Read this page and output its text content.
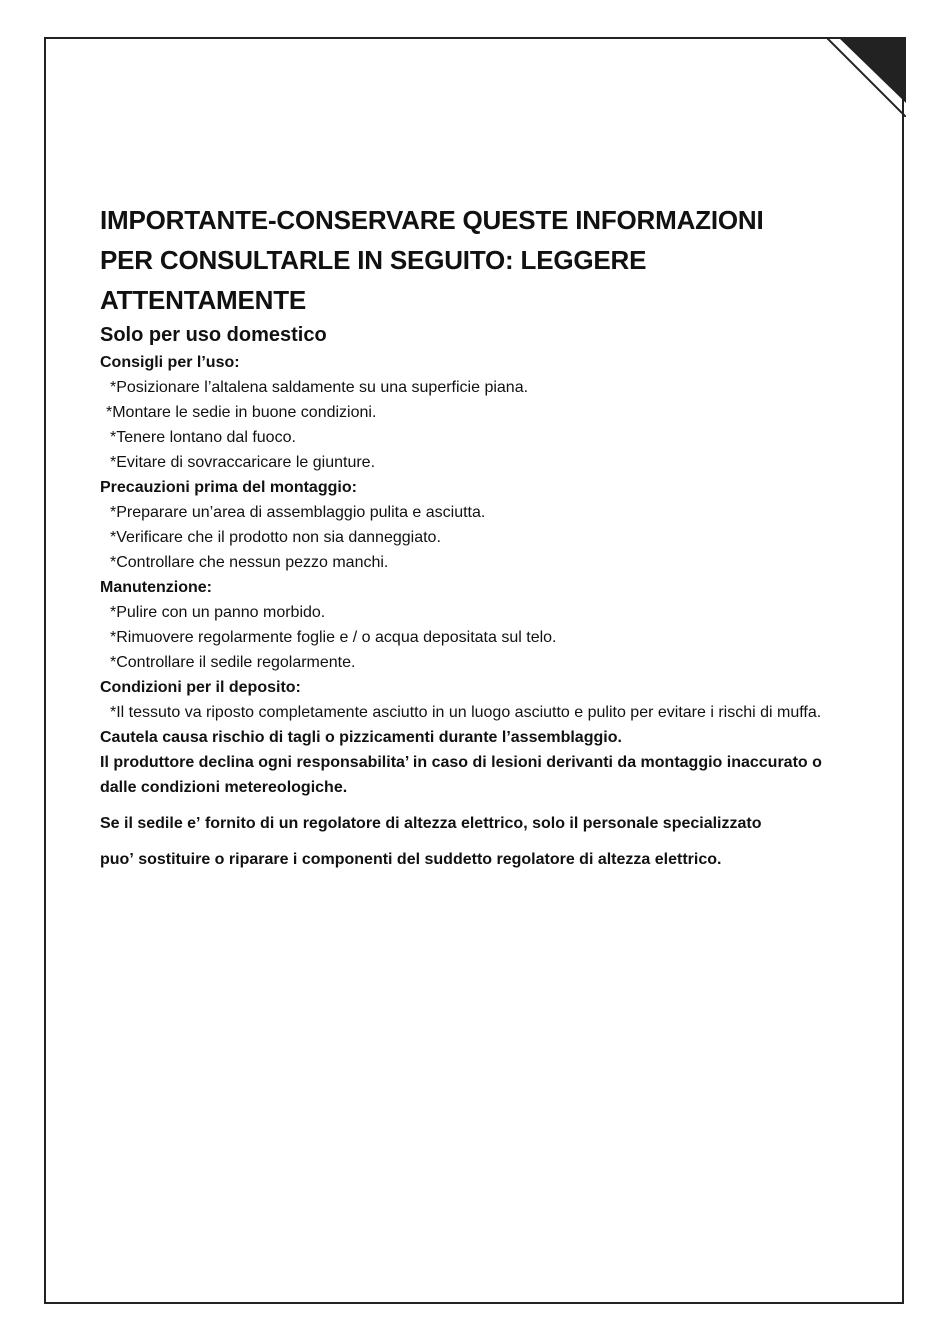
IMPORTANTE-CONSERVARE QUESTE INFORMAZIONI

PER CONSULTARLE IN SEGUITO: LEGGERE

ATTENTAMENTE

Solo per uso domestico

Consigli per l’uso:

*Posizionare l’altalena saldamente su una superficie piana.

*Montare le sedie in buone condizioni.

*Tenere lontano dal fuoco.

*Evitare di sovraccaricare le giunture.

Precauzioni prima del montaggio:

*Preparare un’area di assemblaggio pulita e asciutta.

*Verificare che il prodotto non sia danneggiato.

*Controllare che nessun pezzo manchi.

Manutenzione:

*Pulire con un panno morbido.

*Rimuovere regolarmente foglie e / o acqua depositata sul telo.

*Controllare il sedile regolarmente.

Condizioni per il deposito:

*Il tessuto va riposto completamente asciutto in un luogo asciutto e pulito per evitare i rischi di muffa.

Cautela causa rischio di tagli o pizzicamenti durante l’assemblaggio.

Il produttore declina ogni responsabilita’ in caso di lesioni derivanti da montaggio inaccurato o dalle condizioni metereologiche.

Se il sedile eʼ fornito di un regolatore di altezza elettrico, solo il personale specializzato

puoʼ sostituire o riparare i componenti del suddetto regolatore di altezza elettrico.
